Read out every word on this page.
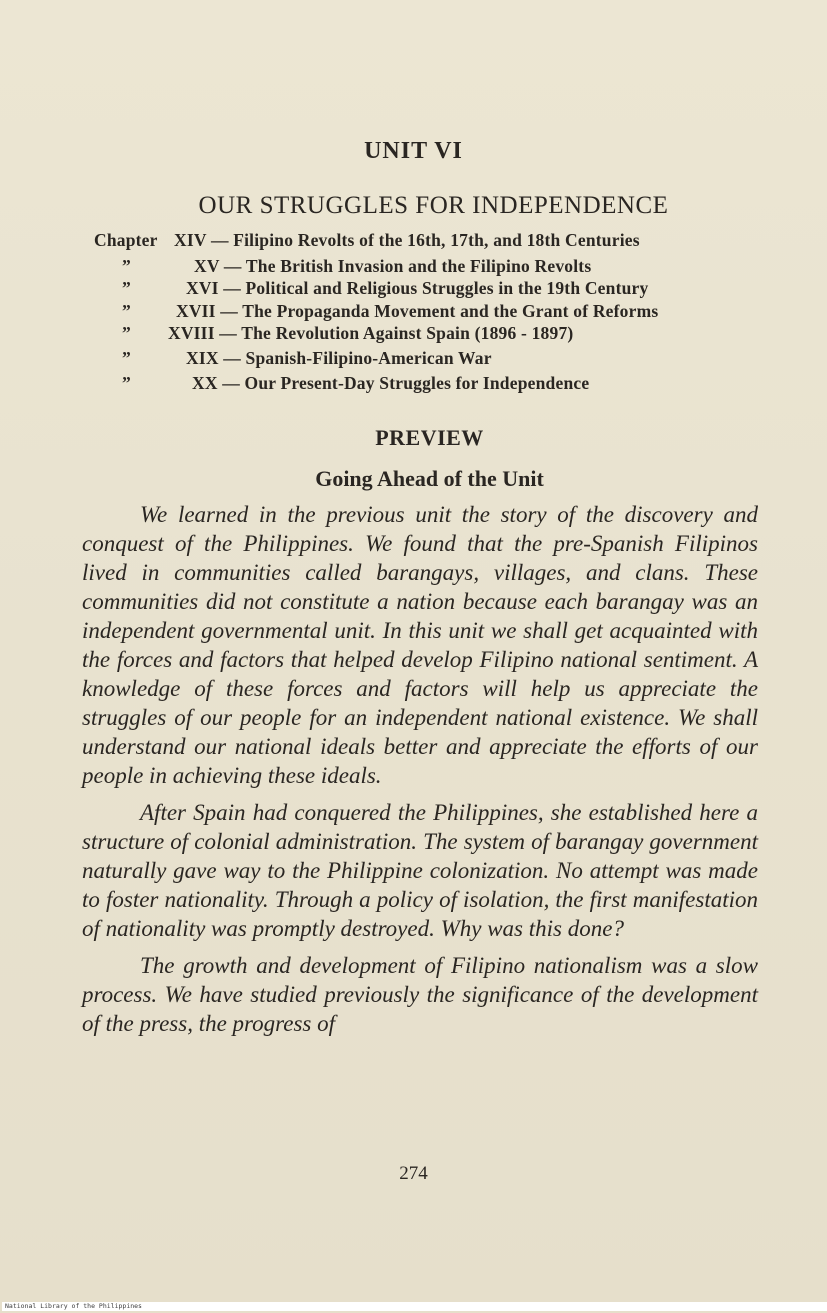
UNIT VI
OUR STRUGGLES FOR INDEPENDENCE
Chapter XIV — Filipino Revolts of the 16th, 17th, and 18th Centuries
”	XV — The British Invasion and the Filipino Revolts
”	XVI — Political and Religious Struggles in the 19th Century
”	XVII — The Propaganda Movement and the Grant of Reforms
” XVIII — The Revolution Against Spain (1896 - 1897)
”	XIX — Spanish-Filipino-American War
”	XX — Our Present-Day Struggles for Independence
PREVIEW
Going Ahead of the Unit

We learned in the previous unit the story of the discovery and conquest of the Philippines. We found that the pre-Spanish Filipinos lived in communities called barangays, villages, and clans. These communities did not constitute a nation because each barangay was an independent governmental unit. In this unit we shall get acquainted with the forces and factors that helped develop Filipino national sentiment. A knowledge of these forces and factors will help us appreciate the struggles of our people for an independent national existence. We shall understand our national ideals better and appreciate the efforts of our people in achieving these ideals.

After Spain had conquered the Philippines, she established here a structure of colonial administration. The system of barangay government naturally gave way to the Philippine colonization. No attempt was made to foster nationality. Through a policy of isolation, the first manifestation of nationality was promptly destroyed. Why was this done?

The growth and development of Filipino nationalism was a slow process. We have studied previously the significance of the development of the press, the progress of

274
National Library of the Philippines
